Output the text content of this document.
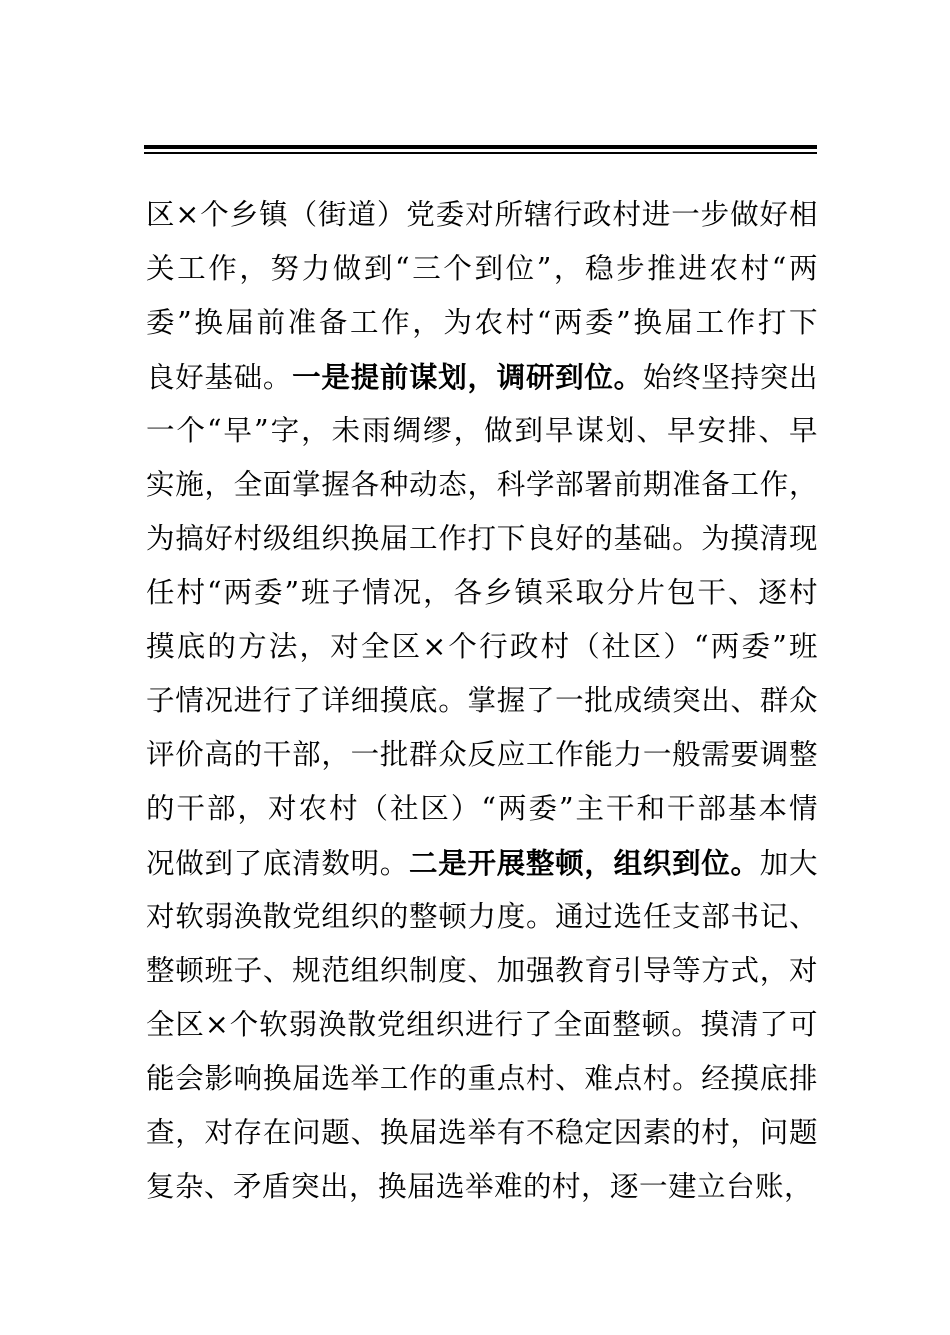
区×个乡镇（街道）党委对所辖行政村进一步做好相
关工作，努力做到“三个到位”，稳步推进农村“两
委”换届前准备工作，为农村“两委”换届工作打下
良好基础。一是提前谋划，调研到位。始终坚持突出
一个“早”字，未雨绸缪，做到早谋划、早安排、早
实施，全面掌握各种动态，科学部署前期准备工作，
为搞好村级组织换届工作打下良好的基础。为摸清现
任村“两委”班子情况，各乡镇采取分片包干、逐村
摸底的方法，对全区×个行政村（社区）“两委”班
子情况进行了详细摸底。掌握了一批成绩突出、群众
评价高的干部，一批群众反应工作能力一般需要调整
的干部，对农村（社区）“两委”主干和干部基本情
况做到了底清数明。二是开展整顿，组织到位。加大
对软弱涣散党组织的整顿力度。通过选任支部书记、
整顿班子、规范组织制度、加强教育引导等方式，对
全区×个软弱涣散党组织进行了全面整顿。摸清了可
能会影响换届选举工作的重点村、难点村。经摸底排
查，对存在问题、换届选举有不稳定因素的村，问题
复杂、矛盾突出，换届选举难的村，逐一建立台账，
